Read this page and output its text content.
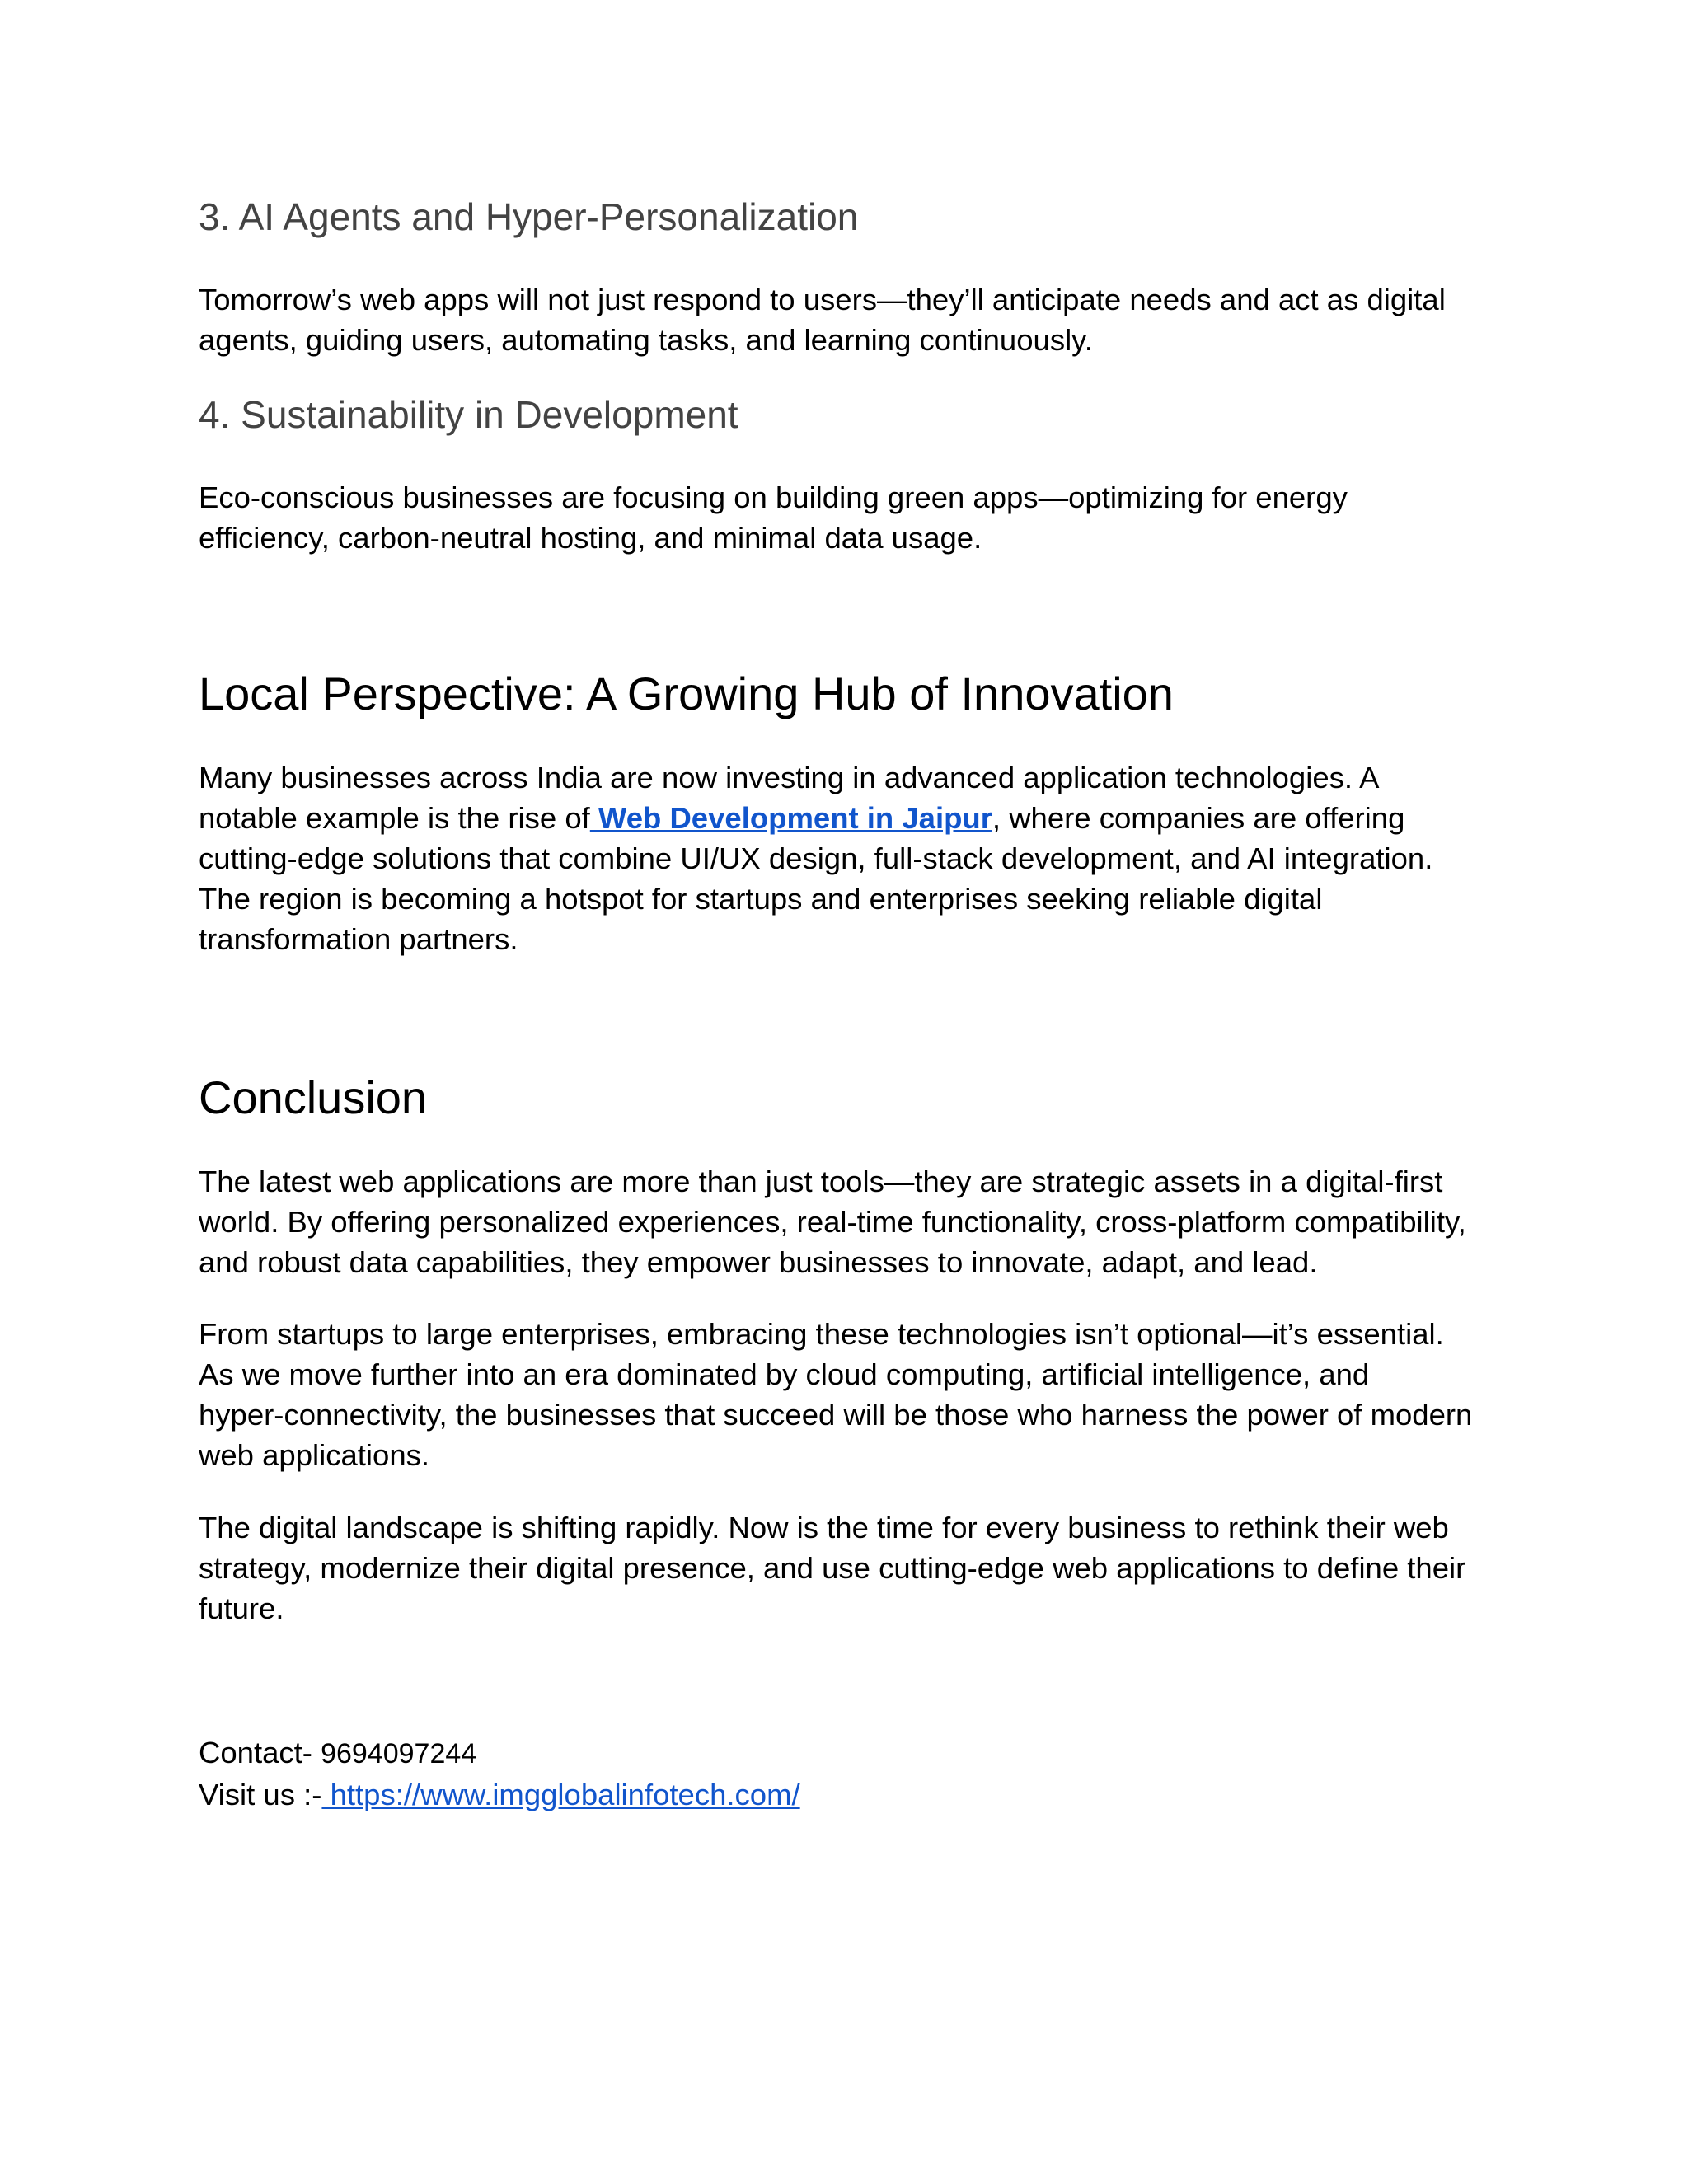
3. AI Agents and Hyper-Personalization
Tomorrow’s web apps will not just respond to users—they’ll anticipate needs and act as digital
agents, guiding users, automating tasks, and learning continuously.
4. Sustainability in Development
Eco-conscious businesses are focusing on building green apps—optimizing for energy
efficiency, carbon-neutral hosting, and minimal data usage.
Local Perspective: A Growing Hub of Innovation
Many businesses across India are now investing in advanced application technologies. A
notable example is the rise of Web Development in Jaipur, where companies are offering
cutting-edge solutions that combine UI/UX design, full-stack development, and AI integration.
The region is becoming a hotspot for startups and enterprises seeking reliable digital
transformation partners.
Conclusion
The latest web applications are more than just tools—they are strategic assets in a digital-first
world. By offering personalized experiences, real-time functionality, cross-platform compatibility,
and robust data capabilities, they empower businesses to innovate, adapt, and lead.
From startups to large enterprises, embracing these technologies isn’t optional—it’s essential.
As we move further into an era dominated by cloud computing, artificial intelligence, and
hyper-connectivity, the businesses that succeed will be those who harness the power of modern
web applications.
The digital landscape is shifting rapidly. Now is the time for every business to rethink their web
strategy, modernize their digital presence, and use cutting-edge web applications to define their
future.
Contact- 9694097244
Visit us :- https://www.imgglobalinfotech.com/
